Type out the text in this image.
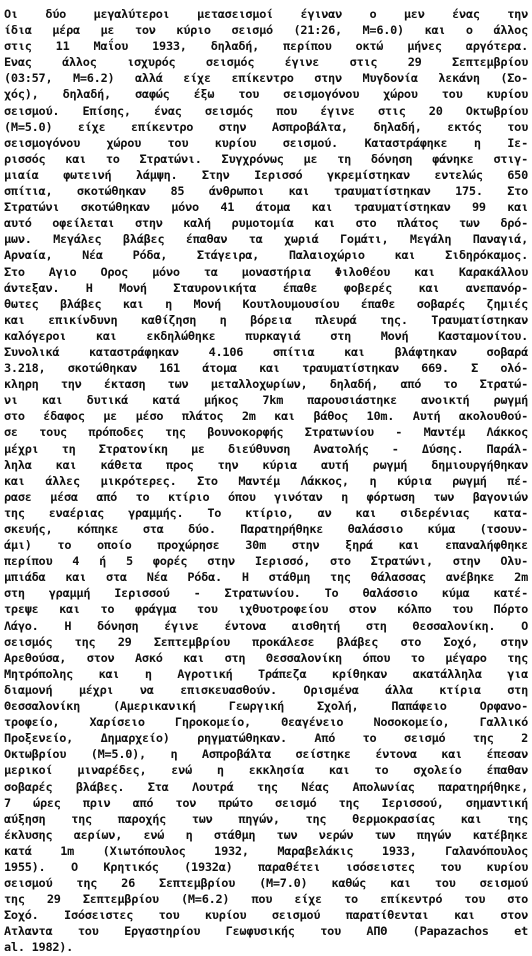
Οι δύο μεγαλύτεροι μετασεισμοί έγιναν ο μεν ένας την
ίδια μέρα με τον κύριο σεισμό (21:26, Μ=6.0) και ο άλλος
στις 11 Μαΐου 1933, δηλαδή, περίπου οκτώ μήνες αργότερα.
Ενας άλλος ισχυρός σεισμός έγινε στις 29 Σεπτεμβρίου
(03:57, Μ=6.2) αλλά είχε επίκεντρο στην Μυγδονία λεκάνη (Σο-
χός), δηλαδή, σαφώς έξω του σεισμογόνου χώρου του κυρίου
σεισμού. Επίσης, ένας σεισμός που έγινε στις 20 Οκτωβρίου
(Μ=5.0) είχε επίκεντρο στην Ασπροβάλτα, δηλαδή, εκτός του
σεισμογόνου χώρου του κυρίου σεισμού. Καταστράφηκε η Ιε-
ρισσός και το Στρατώνι. Συγχρόνως με τη δόνηση φάνηκε στιγ-
μιαία φωτεινή λάμψη. Στην Ιερισσό γκρεμίστηκαν εντελώς 650
σπίτια, σκοτώθηκαν 85 άνθρωποι και τραυματίστηκαν 175. Στο
Στρατώνι σκοτώθηκαν μόνο 41 άτομα και τραυματίστηκαν 99 και
αυτό οφείλεται στην καλή ρυμοτομία και στο πλάτος των δρό-
μων. Μεγάλες βλάβες έπαθαν τα χωριά Γομάτι, Μεγάλη Παναγιά,
Αρναία, Νέα Ρόδα, Στάγειρα, Παλαιοχώριο και Σιδηρόκαμος.
Στο Αγιο Ορος μόνο τα μοναστήρια Φιλοθέου και Καρακάλλου
άντεξαν. Η Μονή Σταυρονικήτα έπαθε φοβερές και ανεπανόρ-
θωτες βλάβες και η Μονή Κουτλουμουσίου έπαθε σοβαρές ζημιές
και επικίνδυνη καθίζηση η βόρεια πλευρά της. Τραυματίστηκαν
καλόγεροι και εκδηλώθηκε πυρκαγιά στη Μονή Κασταμονίτου.
Συνολικά καταστράφηκαν 4.106 σπίτια και βλάφτηκαν σοβαρά
3.218, σκοτώθηκαν 161 άτομα και τραυματίστηκαν 669. Σ ολό-
κληρη την έκταση των μεταλλοχωρίων, δηλαδή, από το Στρατώ-
νι και δυτικά κατά μήκος 7km παρουσιάστηκε ανοικτή ρωγμή
στο έδαφος με μέσο πλάτος 2m και βάθος 10m. Αυτή ακολουθού-
σε τους πρόποδες της βουνοκορφής Στρατωνίου - Μαντέμ Λάκκος
μέχρι τη Στρατονίκη με διεύθυνση Ανατολής - Δύσης. Παράλ-
ληλα και κάθετα προς την κύρια αυτή ρωγμή δημιουργήθηκαν
και άλλες μικρότερες. Στο Μαντέμ Λάκκος, η κύρια ρωγμή πέ-
ρασε μέσα από το κτίριο όπου γινόταν η φόρτωση των βαγονιών
της εναέριας γραμμής. Το κτίριο, αν και σιδερένιας κατα-
σκευής, κόπηκε στα δύο. Παρατηρήθηκε θαλάσσιο κύμα (τσουν-
άμι) το οποίο προχώρησε 30m στην ξηρά και επαναλήφθηκε
περίπου 4 ή 5 φορές στην Ιερισσό, στο Στρατώνι, στην Ολυ-
μπιάδα και στα Νέα Ρόδα. Η στάθμη της θάλασσας ανέβηκε 2m
στη γραμμή Ιερισσού - Στρατωνίου. Το θαλάσσιο κύμα κατέ-
τρεψε και το φράγμα του ιχθυοτροφείου στον κόλπο του Πόρτο
Λάγο. Η δόνηση έγινε έντονα αισθητή στη Θεσσαλονίκη. Ο
σεισμός της 29 Σεπτεμβρίου προκάλεσε βλάβες στο Σοχό, στην
Αρεθούσα, στον Ασκό και στη Θεσσαλονίκη όπου το μέγαρο της
Μητρόπολης και η Αγροτική Τράπεζα κρίθηκαν ακατάλληλα για
διαμονή μέχρι να επισκευασθούν. Ορισμένα άλλα κτίρια στη
Θεσσαλονίκη (Αμερικανική Γεωργική Σχολή, Παπάφειο Ορφανο-
τροφείο, Χαρίσειο Γηροκομείο, Θεαγένειο Νοσοκομείο, Γαλλικό
Προξενείο, Δημαρχείο) ρηγματώθηκαν. Από το σεισμό της 2
Οκτωβρίου (Μ=5.0), η Ασπροβάλτα σείστηκε έντονα και έπεσαν
μερικοί μιναρέδες, ενώ η εκκλησία και το σχολείο έπαθαν
σοβαρές βλάβες. Στα Λουτρά της Νέας Απολωνίας παρατηρήθηκε,
7 ώρες πριν από τον πρώτο σεισμό της Ιερισσού, σημαντική
αύξηση της παροχής των πηγών, της θερμοκρασίας και της
έκλυσης αερίων, ενώ η στάθμη των νερών των πηγών κατέβηκε
κατά 1m (Χιωτόπουλος 1932, Μαραβελάκις 1933, Γαλανόπουλος
1955). Ο Κρητικός (1932α) παραθέτει ισόσειστες του κυρίου
σεισμού της 26 Σεπτεμβρίου (Μ=7.0) καθώς και του σεισμού
της 29 Σεπτεμβρίου (Μ=6.2) που είχε το επίκεντρό του στο
Σοχό. Ισόσειστες του κυρίου σεισμού παρατίθενται και στον
Ατλαντα του Εργαστηρίου Γεωφυσικής του ΑΠΘ (Papazachos et
al. 1982).
